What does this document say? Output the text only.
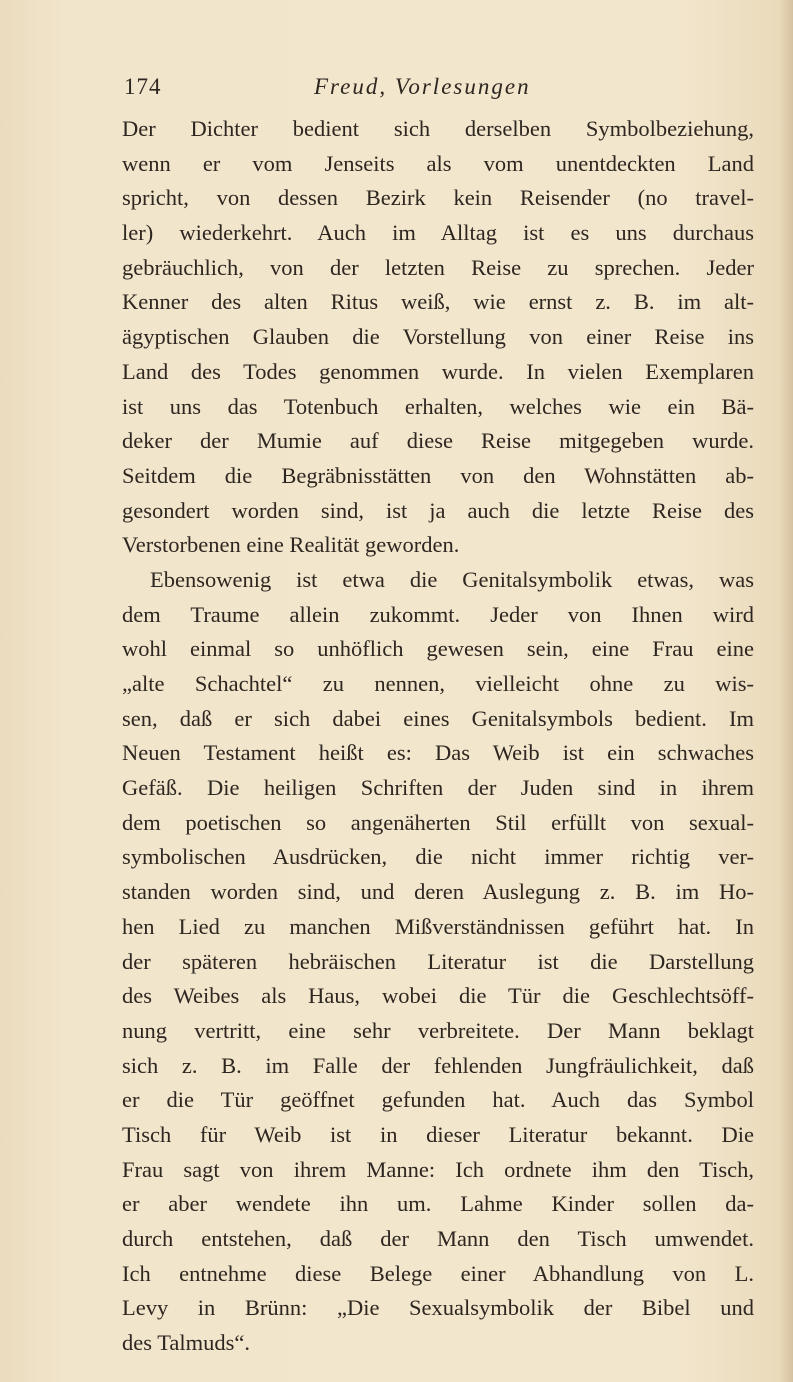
174	Freud, Vorlesungen
Der Dichter bedient sich derselben Symbolbeziehung,
wenn er vom Jenseits als vom unentdeckten Land
spricht, von dessen Bezirk kein Reisender (no travel-
ler) wiederkehrt. Auch im Alltag ist es uns durchaus
gebräuchlich, von der letzten Reise zu sprechen. Jeder
Kenner des alten Ritus weiß, wie ernst z. B. im alt-
ägyptischen Glauben die Vorstellung von einer Reise ins
Land des Todes genommen wurde. In vielen Exemplaren
ist uns das Totenbuch erhalten, welches wie ein Bä-
deker der Mumie auf diese Reise mitgegeben wurde.
Seitdem die Begräbnisstätten von den Wohnstätten ab-
gesondert worden sind, ist ja auch die letzte Reise des
Verstorbenen eine Realität geworden.
Ebensowenig ist etwa die Genitalsymbolik etwas, was
dem Traume allein zukommt. Jeder von Ihnen wird
wohl einmal so unhöflich gewesen sein, eine Frau eine
„alte Schachtel“ zu nennen, vielleicht ohne zu wis-
sen, daß er sich dabei eines Genitalsymbols bedient. Im
Neuen Testament heißt es: Das Weib ist ein schwaches
Gefäß. Die heiligen Schriften der Juden sind in ihrem
dem poetischen so angenäherten Stil erfüllt von sexual-
symbolischen Ausdrücken, die nicht immer richtig ver-
standen worden sind, und deren Auslegung z. B. im Ho-
hen Lied zu manchen Mißverständnissen geführt hat. In
der späteren hebräischen Literatur ist die Darstellung
des Weibes als Haus, wobei die Tür die Geschlechtsöff-
nung vertritt, eine sehr verbreitete. Der Mann beklagt
sich z. B. im Falle der fehlenden Jungfräulichkeit, daß
er die Tür geöffnet gefunden hat. Auch das Symbol
Tisch für Weib ist in dieser Literatur bekannt. Die
Frau sagt von ihrem Manne: Ich ordnete ihm den Tisch,
er aber wendete ihn um. Lahme Kinder sollen da-
durch entstehen, daß der Mann den Tisch umwendet.
Ich entnehme diese Belege einer Abhandlung von L.
Levy in Brünn: „Die Sexualsymbolik der Bibel und
des Talmuds“.
